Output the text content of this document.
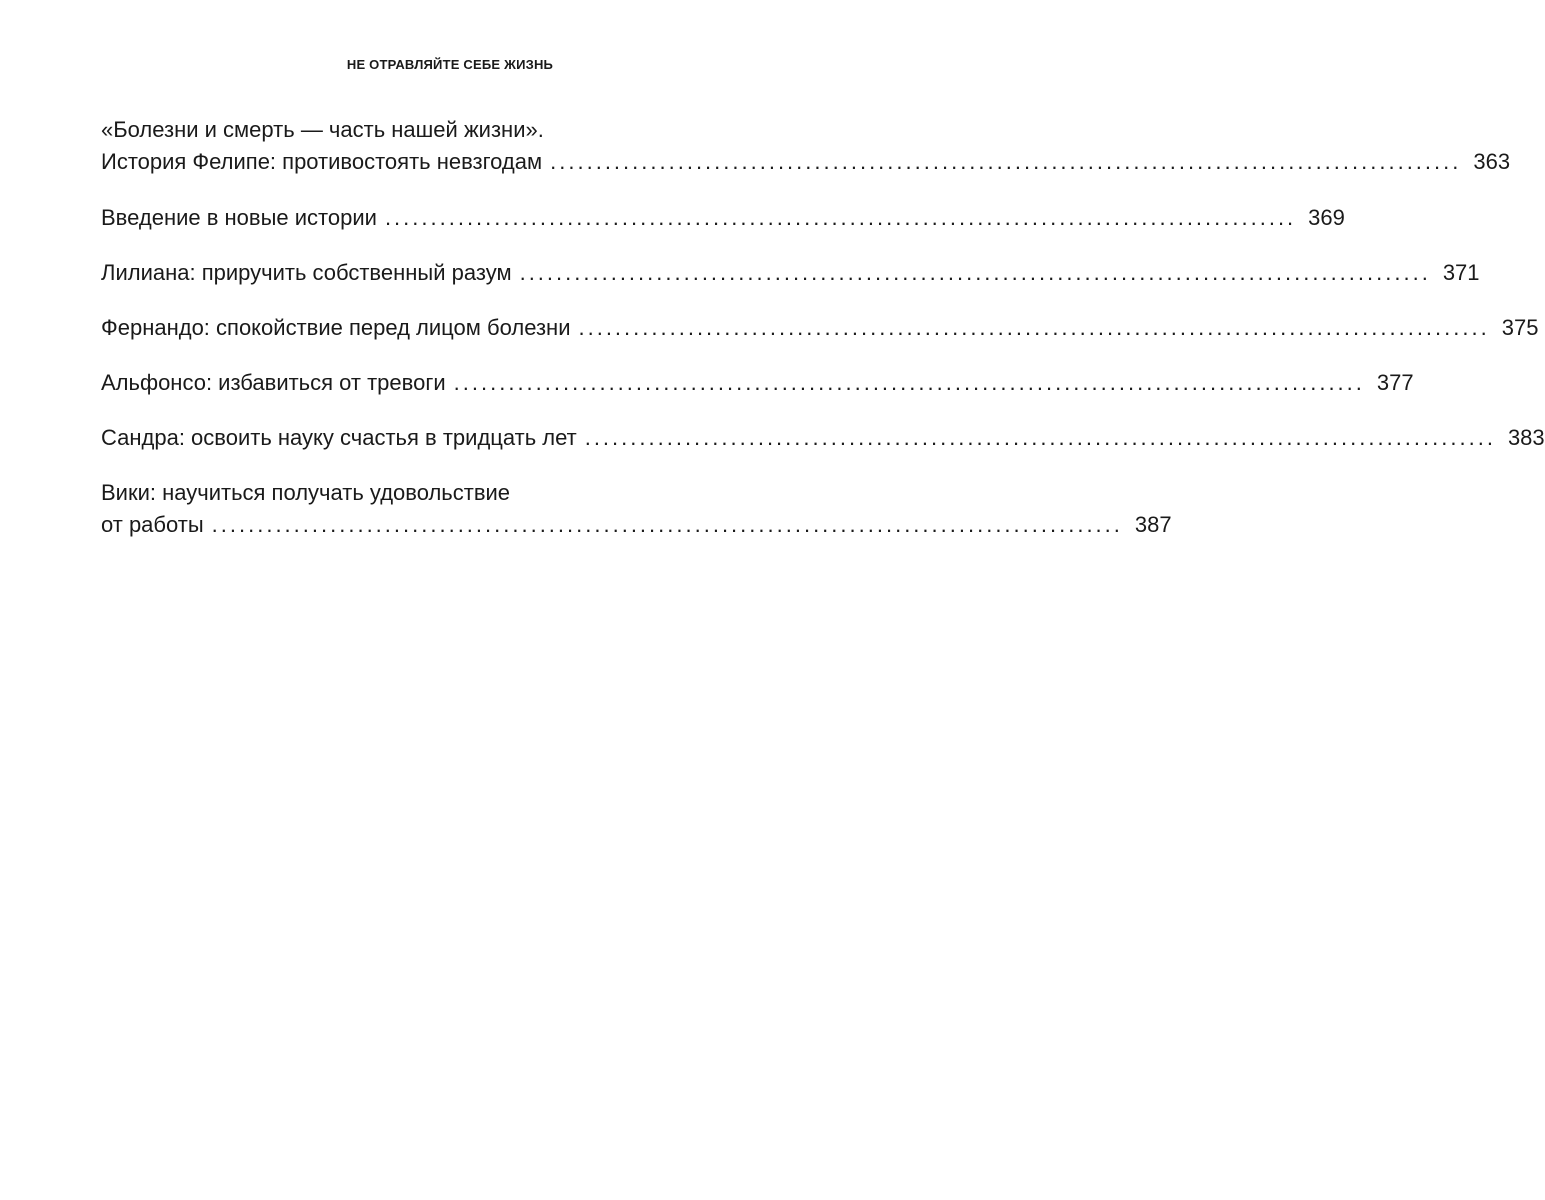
НЕ ОТРАВЛЯЙТЕ СЕБЕ ЖИЗНЬ
«Болезни и смерть — часть нашей жизни».
История Фелипе: противостоять невзгодам .................................................................................................... 363
Введение в новые истории .................................................................................................... 369
Лилиана: приручить собственный разум .................................................................................................... 371
Фернандо: спокойствие перед лицом болезни .................................................................................................... 375
Альфонсо: избавиться от тревоги .................................................................................................... 377
Сандра: освоить науку счастья в тридцать лет .................................................................................................... 383
Вики: научиться получать удовольствие
от работы .................................................................................................... 387
